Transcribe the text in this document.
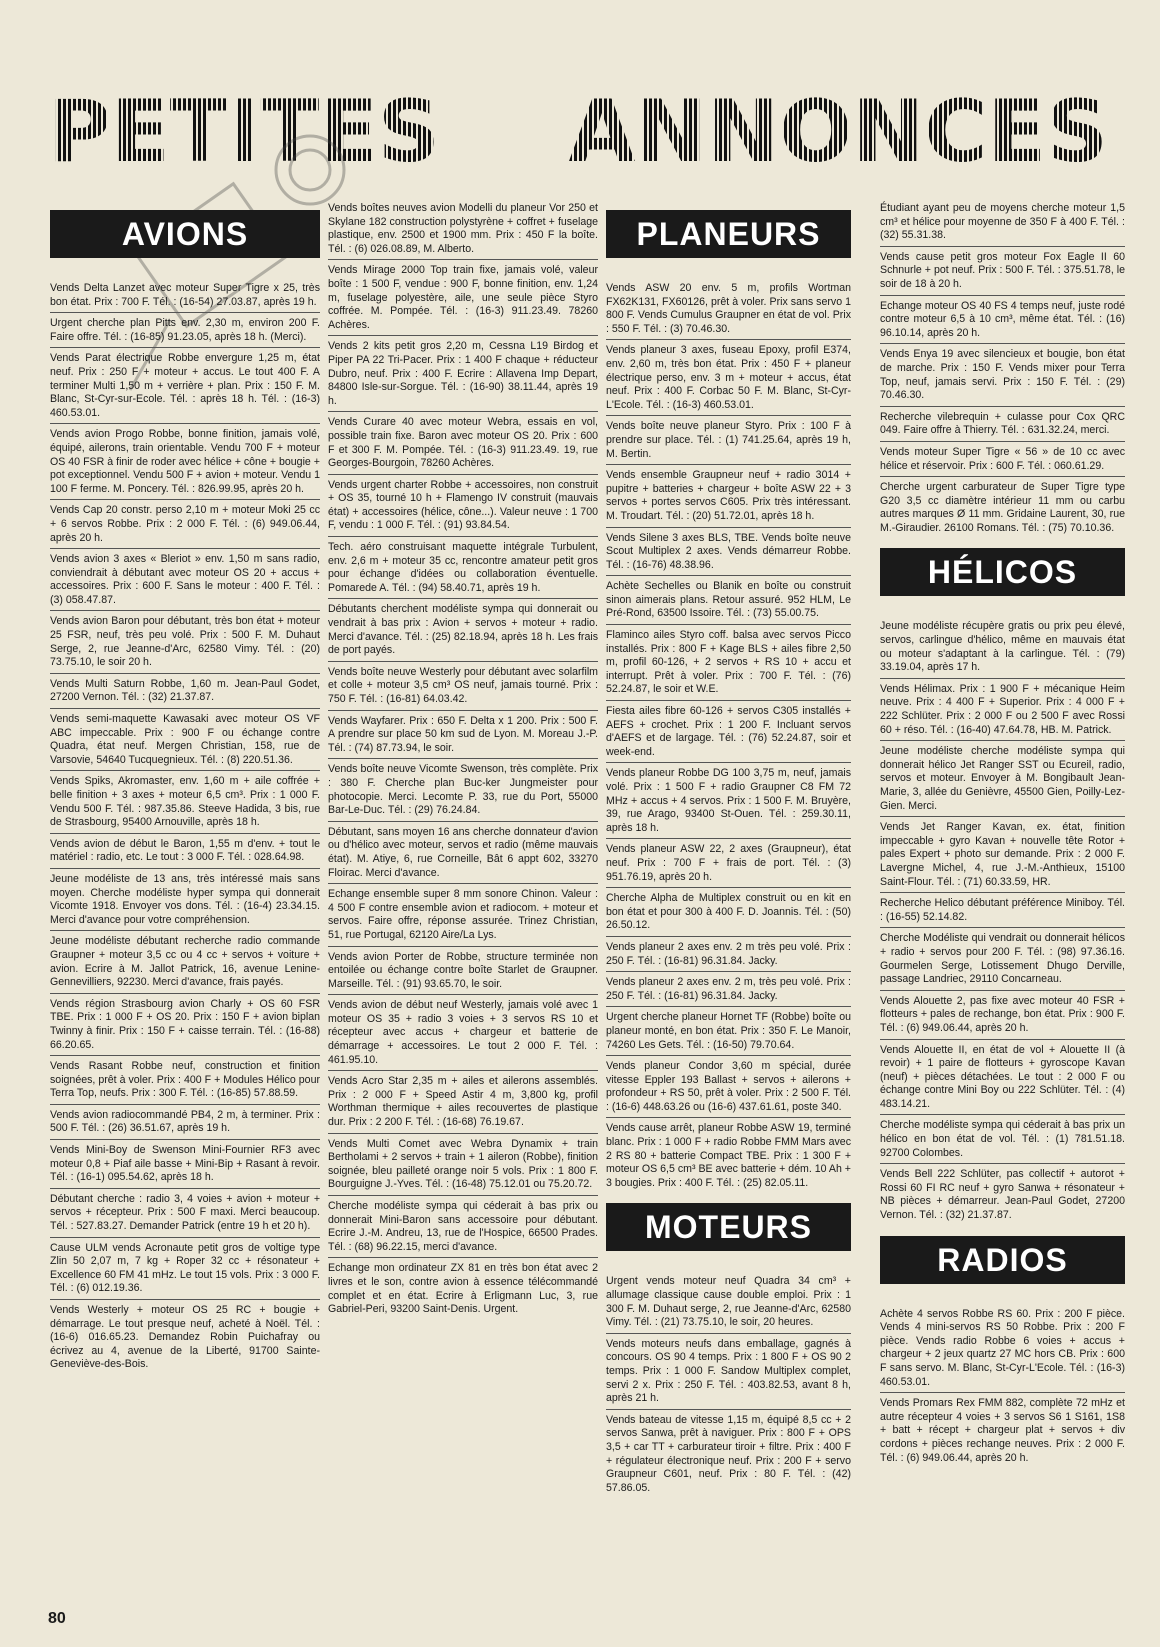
PETITES ANNONCES
AVIONS
Vends Delta Lanzet avec moteur Super Tigre x 25, très bon état. Prix : 700 F. Tél. : (16-54) 27.03.87, après 19 h.
Urgent cherche plan Pitts env. 2,30 m, environ 200 F. Faire offre. Tél. : (16-85) 91.23.05, après 18 h. (Merci).
Vends Parat électrique Robbe envergure 1,25 m, état neuf. Prix : 250 F + moteur + accus. Le tout 400 F. A terminer Multi 1,50 m + verrière + plan. Prix : 150 F. M. Blanc, St-Cyr-sur-Ecole. Tél. : après 18 h. Tél. : (16-3) 460.53.01.
Vends avion Progo Robbe, bonne finition, jamais volé, équipé, ailerons, train orientable. Vendu 700 F + moteur OS 40 FSR à finir de roder avec hélice + cône + bougie + pot exceptionnel. Vendu 500 F + avion + moteur. Vendu 1 100 F ferme. M. Poncery. Tél. : 826.99.95, après 20 h.
Vends Cap 20 constr. perso 2,10 m + moteur Moki 25 cc + 6 servos Robbe. Prix : 2 000 F. Tél. : (6) 949.06.44, après 20 h.
Vends avion 3 axes « Bleriot » env. 1,50 m sans radio, conviendrait à débutant avec moteur OS 20 + accus + accessoires. Prix : 600 F. Sans le moteur : 400 F. Tél. : (3) 058.47.87.
Vends avion Baron pour débutant, très bon état + moteur 25 FSR, neuf, très peu volé. Prix : 500 F. M. Duhaut Serge, 2, rue Jeanne-d'Arc, 62580 Vimy. Tél. : (20) 73.75.10, le soir 20 h.
Vends Multi Saturn Robbe, 1,60 m. Jean-Paul Godet, 27200 Vernon. Tél. : (32) 21.37.87.
Vends semi-maquette Kawasaki avec moteur OS VF ABC impeccable. Prix : 900 F ou échange contre Quadra, état neuf. Mergen Christian, 158, rue de Varsovie, 54640 Tucquegnieux. Tél. : (8) 220.51.36.
Vends Spiks, Akromaster, env. 1,60 m + aile coffrée + belle finition + 3 axes + moteur 6,5 cm³. Prix : 1 000 F. Vendu 500 F. Tél. : 987.35.86. Steeve Hadida, 3 bis, rue de Strasbourg, 95400 Arnouville, après 18 h.
Vends avion de début le Baron, 1,55 m d'env. + tout le matériel : radio, etc. Le tout : 3 000 F. Tél. : 028.64.98.
Jeune modéliste de 13 ans, très intéressé mais sans moyen. Cherche modéliste hyper sympa qui donnerait Vicomte 1918. Envoyer vos dons. Tél. : (16-4) 23.34.15. Merci d'avance pour votre compréhension.
Jeune modéliste débutant recherche radio commande Graupner + moteur 3,5 cc ou 4 cc + servos + voiture + avion. Ecrire à M. Jallot Patrick, 16, avenue Lenine-Gennevilliers, 92230. Merci d'avance, frais payés.
Vends région Strasbourg avion Charly + OS 60 FSR TBE. Prix : 1 000 F + OS 20. Prix : 150 F + avion biplan Twinny à finir. Prix : 150 F + caisse terrain. Tél. : (16-88) 66.20.65.
Vends Rasant Robbe neuf, construction et finition soignées, prêt à voler. Prix : 400 F + Modules Hélico pour Terra Top, neufs. Prix : 300 F. Tél. : (16-85) 57.88.59.
Vends avion radiocommandé PB4, 2 m, à terminer. Prix : 500 F. Tél. : (26) 36.51.67, après 19 h.
Vends Mini-Boy de Swenson Mini-Fournier RF3 avec moteur 0,8 + Piaf aile basse + Mini-Bip + Rasant à revoir. Tél. : (16-1) 095.54.62, après 18 h.
Débutant cherche : radio 3, 4 voies + avion + moteur + servos + récepteur. Prix : 500 F maxi. Merci beaucoup. Tél. : 527.83.27. Demander Patrick (entre 19 h et 20 h).
Cause ULM vends Acronaute petit gros de voltige type Zlin 50 2,07 m, 7 kg + Roper 32 cc + résonateur + Excellence 60 FM 41 mHz. Le tout 15 vols. Prix : 3 000 F. Tél. : (6) 012.19.36.
Vends Westerly + moteur OS 25 RC + bougie + démarrage. Le tout presque neuf, acheté à Noël. Tél. : (16-6) 016.65.23. Demandez Robin Puichafray ou écrivez au 4, avenue de la Liberté, 91700 Sainte-Geneviève-des-Bois.
Vends boîtes neuves avion Modelli du planeur Vor 250 et Skylane 182 construction polystyrène + coffret + fuselage plastique, env. 2500 et 1900 mm. Prix : 450 F la boîte. Tél. : (6) 026.08.89, M. Alberto.
Vends Mirage 2000 Top train fixe, jamais volé, valeur boîte : 1 500 F, vendue : 900 F, bonne finition, env. 1,24 m, fuselage polyestère, aile, une seule pièce Styro coffrée. M. Pompée. Tél. : (16-3) 911.23.49. 78260 Achères.
Vends 2 kits petit gros 2,20 m, Cessna L19 Birdog et Piper PA 22 Tri-Pacer. Prix : 1 400 F chaque + réducteur Dubro, neuf. Prix : 400 F. Ecrire : Allavena Imp Depart, 84800 Isle-sur-Sorgue. Tél. : (16-90) 38.11.44, après 19 h.
Vends Curare 40 avec moteur Webra, essais en vol, possible train fixe. Baron avec moteur OS 20. Prix : 600 F et 300 F. M. Pompée. Tél. : (16-3) 911.23.49. 19, rue Georges-Bourgoin, 78260 Achères.
Vends urgent charter Robbe + accessoires, non construit + OS 35, tourné 10 h + Flamengo IV construit (mauvais état) + accessoires (hélice, cône...). Valeur neuve : 1 700 F, vendu : 1 000 F. Tél. : (91) 93.84.54.
Tech. aéro construisant maquette intégrale Turbulent, env. 2,6 m + moteur 35 cc, rencontre amateur petit gros pour échange d'idées ou collaboration éventuelle. Pomarede A. Tél. : (94) 58.40.71, après 19 h.
Débutants cherchent modéliste sympa qui donnerait ou vendrait à bas prix : Avion + servos + moteur + radio. Merci d'avance. Tél. : (25) 82.18.94, après 18 h. Les frais de port payés.
Vends boîte neuve Westerly pour débutant avec solarfilm et colle + moteur 3,5 cm³ OS neuf, jamais tourné. Prix : 750 F. Tél. : (16-81) 64.03.42.
Vends Wayfarer. Prix : 650 F. Delta x 1 200. Prix : 500 F. A prendre sur place 50 km sud de Lyon. M. Moreau J.-P. Tél. : (74) 87.73.94, le soir.
Vends boîte neuve Vicomte Swenson, très complète. Prix : 380 F. Cherche plan Buc-ker Jungmeister pour photocopie. Merci. Lecomte P. 33, rue du Port, 55000 Bar-Le-Duc. Tél. : (29) 76.24.84.
Débutant, sans moyen 16 ans cherche donnateur d'avion ou d'hélico avec moteur, servos et radio (même mauvais état). M. Atiye, 6, rue Corneille, Bât 6 appt 602, 33270 Floirac. Merci d'avance.
Echange ensemble super 8 mm sonore Chinon. Valeur : 4 500 F contre ensemble avion et radiocom. + moteur et servos. Faire offre, réponse assurée. Trinez Christian, 51, rue Portugal, 62120 Aire/La Lys.
Vends avion Porter de Robbe, structure terminée non entoilée ou échange contre boîte Starlet de Graupner. Marseille. Tél. : (91) 93.65.70, le soir.
Vends avion de début neuf Westerly, jamais volé avec 1 moteur OS 35 + radio 3 voies + 3 servos RS 10 et récepteur avec accus + chargeur et batterie de démarrage + accessoires. Le tout 2 000 F. Tél. : 461.95.10.
Vends Acro Star 2,35 m + ailes et ailerons assemblés. Prix : 2 000 F + Speed Astir 4 m, 3,800 kg, profil Worthman thermique + ailes recouvertes de plastique dur. Prix : 2 200 F. Tél. : (16-68) 76.19.67.
Vends Multi Comet avec Webra Dynamix + train Bertholami + 2 servos + train + 1 aileron (Robbe), finition soignée, bleu pailleté orange noir 5 vols. Prix : 1 800 F. Bourguigne J.-Yves. Tél. : (16-48) 75.12.01 ou 75.20.72.
Cherche modéliste sympa qui céderait à bas prix ou donnerait Mini-Baron sans accessoire pour débutant. Ecrire J.-M. Andreu, 13, rue de l'Hospice, 66500 Prades. Tél. : (68) 96.22.15, merci d'avance.
Echange mon ordinateur ZX 81 en très bon état avec 2 livres et le son, contre avion à essence télécommandé complet et en état. Ecrire à Erligmann Luc, 3, rue Gabriel-Peri, 93200 Saint-Denis. Urgent.
PLANEURS
Vends ASW 20 env. 5 m, profils Wortman FX62K131, FX60126, prêt à voler. Prix sans servo 1 800 F. Vends Cumulus Graupner en état de vol. Prix : 550 F. Tél. : (3) 70.46.30.
Vends planeur 3 axes, fuseau Epoxy, profil E374, env. 2,60 m, très bon état. Prix : 450 F + planeur électrique perso, env. 3 m + moteur + accus, état neuf. Prix : 400 F. Corbac 50 F. M. Blanc, St-Cyr-L'Ecole. Tél. : (16-3) 460.53.01.
Vends boîte neuve planeur Styro. Prix : 100 F à prendre sur place. Tél. : (1) 741.25.64, après 19 h, M. Bertin.
Vends ensemble Graupneur neuf + radio 3014 + pupitre + batteries + chargeur + boîte ASW 22 + 3 servos + portes servos C605. Prix très intéressant. M. Troudart. Tél. : (20) 51.72.01, après 18 h.
Vends Silene 3 axes BLS, TBE. Vends boîte neuve Scout Multiplex 2 axes. Vends démarreur Robbe. Tél. : (16-76) 48.38.96.
Achète Sechelles ou Blanik en boîte ou construit sinon aimerais plans. Retour assuré. 952 HLM, Le Pré-Rond, 63500 Issoire. Tél. : (73) 55.00.75.
Flaminco ailes Styro coff. balsa avec servos Picco installés. Prix : 800 F + Kage BLS + ailes fibre 2,50 m, profil 60-126, + 2 servos + RS 10 + accu et interrupt. Prêt à voler. Prix : 700 F. Tél. : (76) 52.24.87, le soir et W.E.
Fiesta ailes fibre 60-126 + servos C305 installés + AEFS + crochet. Prix : 1 200 F. Incluant servos d'AEFS et de largage. Tél. : (76) 52.24.87, soir et week-end.
Vends planeur Robbe DG 100 3,75 m, neuf, jamais volé. Prix : 1 500 F + radio Graupner C8 FM 72 MHz + accus + 4 servos. Prix : 1 500 F. M. Bruyère, 39, rue Arago, 93400 St-Ouen. Tél. : 259.30.11, après 18 h.
Vends planeur ASW 22, 2 axes (Graupneur), état neuf. Prix : 700 F + frais de port. Tél. : (3) 951.76.19, après 20 h.
Cherche Alpha de Multiplex construit ou en kit en bon état et pour 300 à 400 F. D. Joannis. Tél. : (50) 26.50.12.
Vends planeur 2 axes env. 2 m très peu volé. Prix : 250 F. Tél. : (16-81) 96.31.84. Jacky.
Vends planeur 2 axes env. 2 m, très peu volé. Prix : 250 F. Tél. : (16-81) 96.31.84. Jacky.
Urgent cherche planeur Hornet TF (Robbe) boîte ou planeur monté, en bon état. Prix : 350 F. Le Manoir, 74260 Les Gets. Tél. : (16-50) 79.70.64.
Vends planeur Condor 3,60 m spécial, durée vitesse Eppler 193 Ballast + servos + ailerons + profondeur + RS 50, prêt à voler. Prix : 2 500 F. Tél. : (16-6) 448.63.26 ou (16-6) 437.61.61, poste 340.
Vends cause arrêt, planeur Robbe ASW 19, terminé blanc. Prix : 1 000 F + radio Robbe FMM Mars avec 2 RS 80 + batterie Compact TBE. Prix : 1 300 F + moteur OS 6,5 cm³ BE avec batterie + dém. 10 Ah + 3 bougies. Prix : 400 F. Tél. : (25) 82.05.11.
MOTEURS
Urgent vends moteur neuf Quadra 34 cm³ + allumage classique cause double emploi. Prix : 1 300 F. M. Duhaut serge, 2, rue Jeanne-d'Arc, 62580 Vimy. Tél. : (21) 73.75.10, le soir, 20 heures.
Vends moteurs neufs dans emballage, gagnés à concours. OS 90 4 temps. Prix : 1 800 F + OS 90 2 temps. Prix : 1 000 F. Sandow Multiplex complet, servi 2 x. Prix : 250 F. Tél. : 403.82.53, avant 8 h, après 21 h.
Vends bateau de vitesse 1,15 m, équipé 8,5 cc + 2 servos Sanwa, prêt à naviguer. Prix : 800 F + OPS 3,5 + car TT + carburateur tiroir + filtre. Prix : 400 F + régulateur électronique neuf. Prix : 200 F + servo Graupneur C601, neuf. Prix : 80 F. Tél. : (42) 57.86.05.
Étudiant ayant peu de moyens cherche moteur 1,5 cm³ et hélice pour moyenne de 350 F à 400 F. Tél. : (32) 55.31.38.
Vends cause petit gros moteur Fox Eagle II 60 Schnurle + pot neuf. Prix : 500 F. Tél. : 375.51.78, le soir de 18 à 20 h.
Echange moteur OS 40 FS 4 temps neuf, juste rodé contre moteur 6,5 à 10 cm³, même état. Tél. : (16) 96.10.14, après 20 h.
Vends Enya 19 avec silencieux et bougie, bon état de marche. Prix : 150 F. Vends mixer pour Terra Top, neuf, jamais servi. Prix : 150 F. Tél. : (29) 70.46.30.
Recherche vilebrequin + culasse pour Cox QRC 049. Faire offre à Thierry. Tél. : 631.32.24, merci.
Vends moteur Super Tigre « 56 » de 10 cc avec hélice et réservoir. Prix : 600 F. Tél. : 060.61.29.
Cherche urgent carburateur de Super Tigre type G20 3,5 cc diamètre intérieur 11 mm ou carbu autres marques Ø 11 mm. Gridaine Laurent, 30, rue M.-Giraudier. 26100 Romans. Tél. : (75) 70.10.36.
HÉLICOS
Jeune modéliste récupère gratis ou prix peu élevé, servos, carlingue d'hélico, même en mauvais état ou moteur s'adaptant à la carlingue. Tél. : (79) 33.19.04, après 17 h.
Vends Hélimax. Prix : 1 900 F + mécanique Heim neuve. Prix : 4 400 F + Superior. Prix : 4 000 F + 222 Schlüter. Prix : 2 000 F ou 2 500 F avec Rossi 60 + réso. Tél. : (16-40) 47.64.78, HB. M. Patrick.
Jeune modéliste cherche modéliste sympa qui donnerait hélico Jet Ranger SST ou Ecureil, radio, servos et moteur. Envoyer à M. Bongibault Jean-Marie, 3, allée du Genièvre, 45500 Gien, Poilly-Lez-Gien. Merci.
Vends Jet Ranger Kavan, ex. état, finition impeccable + gyro Kavan + nouvelle tête Rotor + pales Expert + photo sur demande. Prix : 2 000 F. Lavergne Michel, 4, rue J.-M.-Anthieux, 15100 Saint-Flour. Tél. : (71) 60.33.59, HR.
Recherche Helico débutant préférence Miniboy. Tél. : (16-55) 52.14.82.
Cherche Modéliste qui vendrait ou donnerait hélicos + radio + servos pour 200 F. Tél. : (98) 97.36.16. Gourmelen Serge, Lotissement Dhugo Derville, passage Landriec, 29110 Concarneau.
Vends Alouette 2, pas fixe avec moteur 40 FSR + flotteurs + pales de rechange, bon état. Prix : 900 F. Tél. : (6) 949.06.44, après 20 h.
Vends Alouette II, en état de vol + Alouette II (à revoir) + 1 paire de flotteurs + gyroscope Kavan (neuf) + pièces détachées. Le tout : 2 000 F ou échange contre Mini Boy ou 222 Schlüter. Tél. : (4) 483.14.21.
Cherche modéliste sympa qui céderait à bas prix un hélico en bon état de vol. Tél. : (1) 781.51.18. 92700 Colombes.
Vends Bell 222 Schlüter, pas collectif + autorot + Rossi 60 FI RC neuf + gyro Sanwa + résonateur + NB pièces + démarreur. Jean-Paul Godet, 27200 Vernon. Tél. : (32) 21.37.87.
RADIOS
Achète 4 servos Robbe RS 60. Prix : 200 F pièce. Vends 4 mini-servos RS 50 Robbe. Prix : 200 F pièce. Vends radio Robbe 6 voies + accus + chargeur + 2 jeux quartz 27 MC hors CB. Prix : 600 F sans servo. M. Blanc, St-Cyr-L'Ecole. Tél. : (16-3) 460.53.01.
Vends Promars Rex FMM 882, complète 72 mHz et autre récepteur 4 voies + 3 servos S6 1 S161, 1S8 + batt + récept + chargeur plat + servos + div cordons + pièces rechange neuves. Prix : 2 000 F. Tél. : (6) 949.06.44, après 20 h.
80
